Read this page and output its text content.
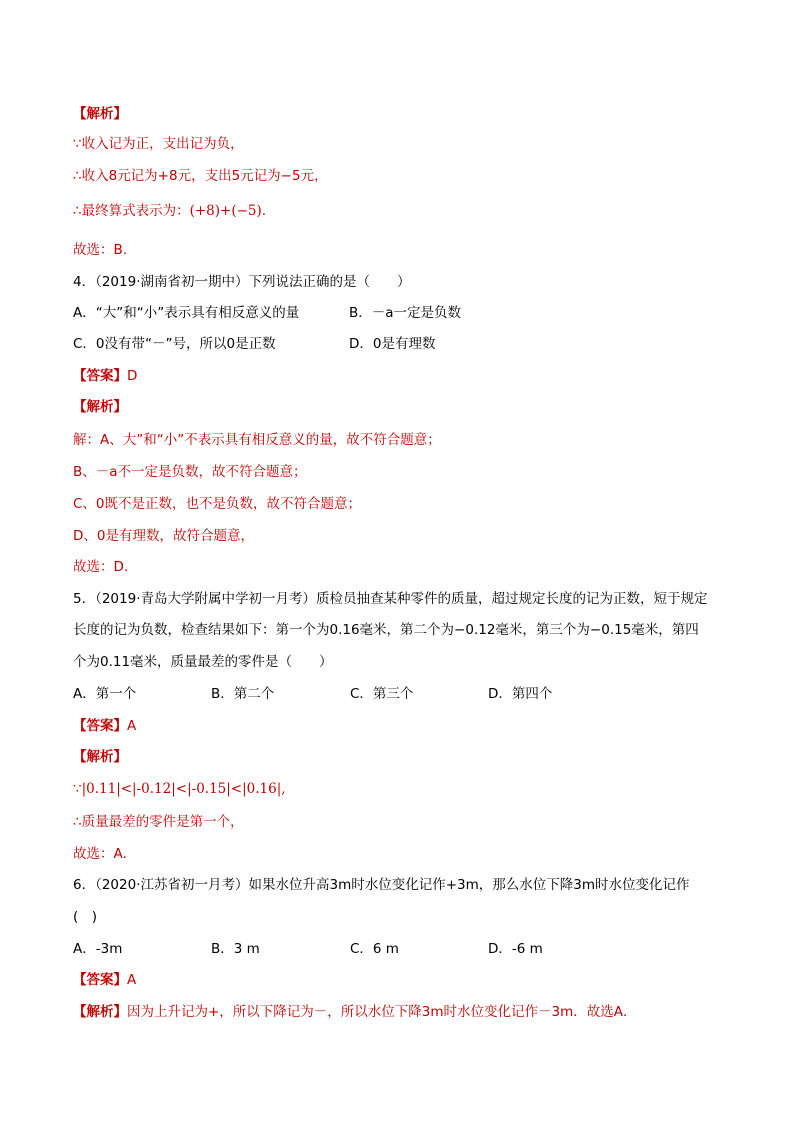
【解析】
∵收入记为正，支出记为负，
∴收入8元记为+8元，支出5元记为−5元，
∴最终算式表示为：(+8)+(−5).
故选：B.
4．（2019·湖南省初一期中）下列说法正确的是（　　）
A．“大”和“小”表示具有相反意义的量	B．－a一定是负数
C．0没有带“－”号，所以0是正数	D．0是有理数
【答案】D
【解析】
解：A、大”和“小”不表示具有相反意义的量，故不符合题意；
B、－a不一定是负数，故不符合题意；
C、0既不是正数，也不是负数，故不符合题意；
D、0是有理数，故符合题意，
故选：D.
5．（2019·青岛大学附属中学初一月考）质检员抽查某种零件的质量，超过规定长度的记为正数，短于规定
长度的记为负数，检查结果如下：第一个为0.16毫米，第二个为−0.12毫米，第三个为−0.15毫米，第四
个为0.11毫米，质量最差的零件是（　　）
A．第一个	B．第二个	C．第三个	D．第四个
【答案】A
【解析】
∵|0.11|<|-0.12|<|-0.15|<|0.16|,
∴质量最差的零件是第一个，
故选：A.
6．（2020·江苏省初一月考）如果水位升高3m时水位变化记作+3m，那么水位下降3m时水位变化记作
(　)
A．-3m	B．3 m	C．6 m	D．-6 m
【答案】A
【解析】因为上升记为+，所以下降记为－，所以水位下降3m时水位变化记作－3m．故选A．
